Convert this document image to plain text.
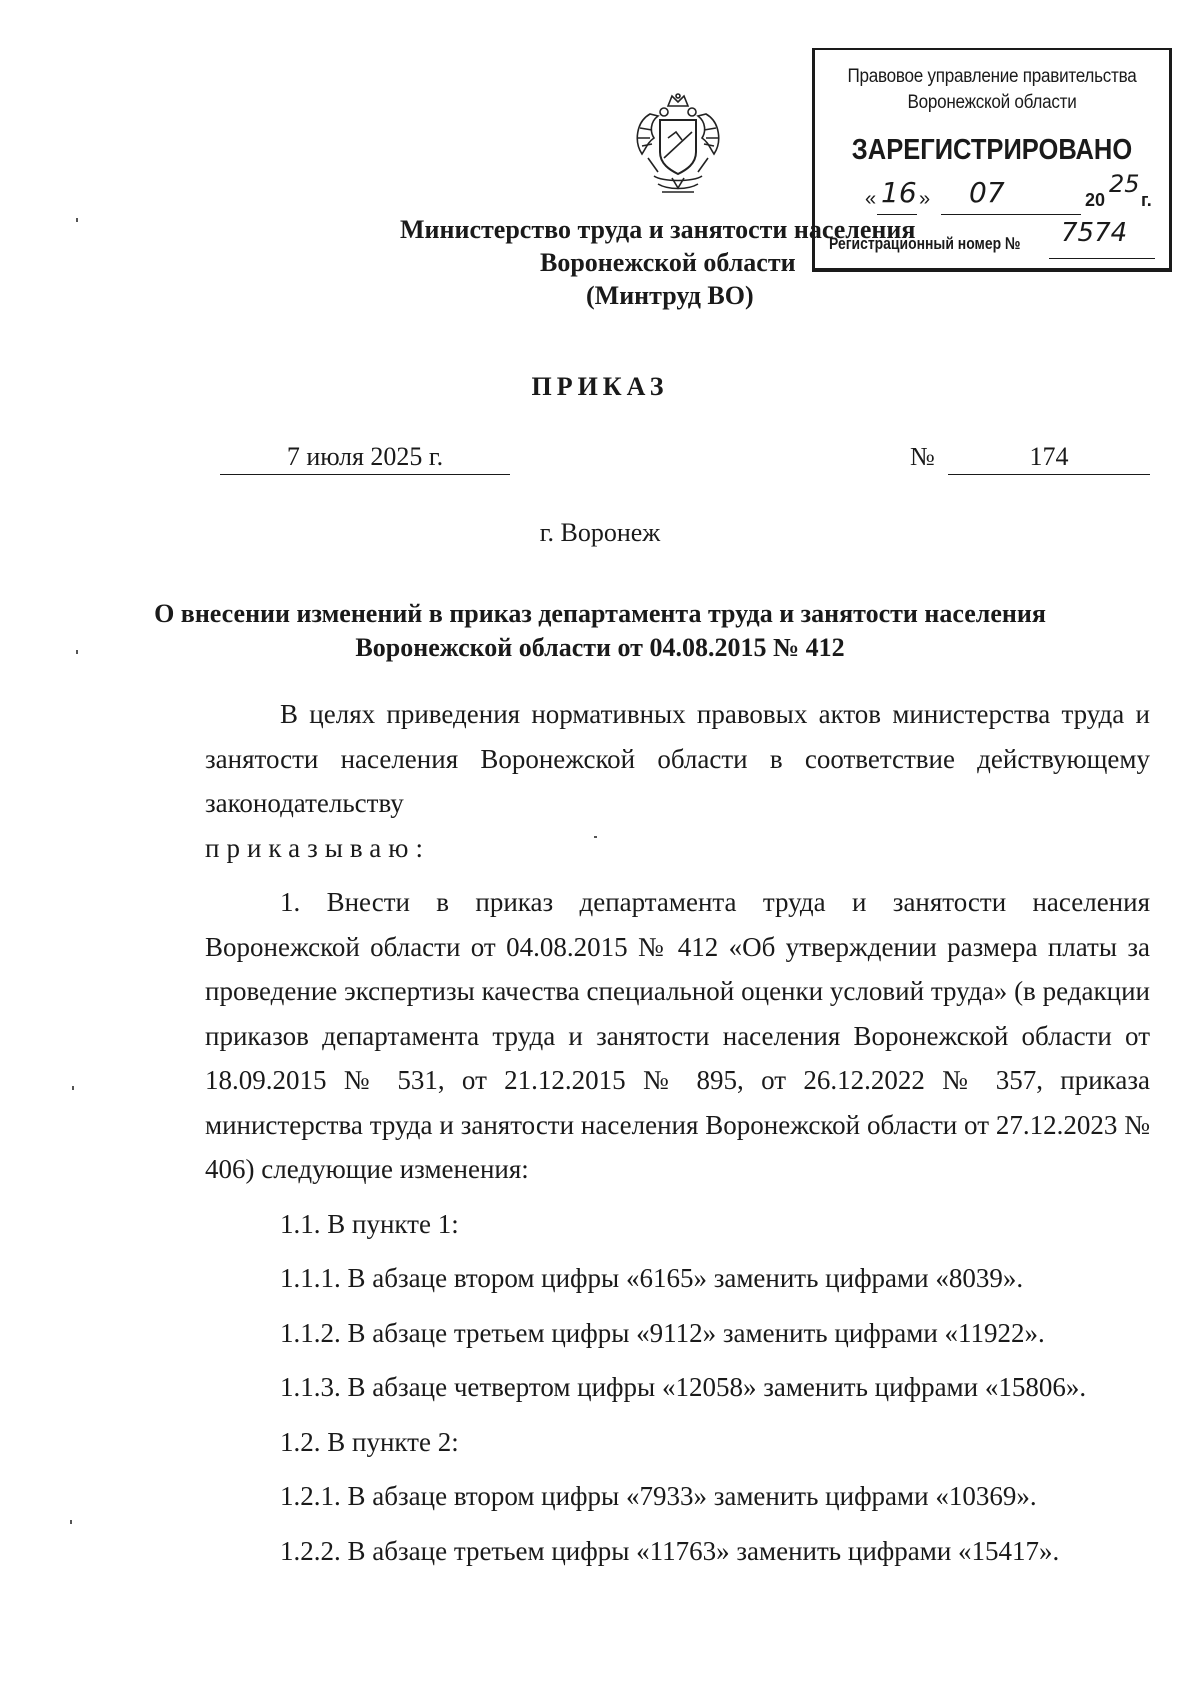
Правовое управление правительства
Воронежской области
ЗАРЕГИСТРИРОВАНО
« 16 » 07	20
25
г.
Регистрационный номер № 7574
Министерство труда и занятости населения
Воронежской области
(Минтруд ВО)
ПРИКАЗ
7 июля 2025 г.	№	174
г. Воронеж
О внесении изменений в приказ департамента труда и занятости населения Воронежской области от 04.08.2015 № 412

В целях приведения нормативных правовых актов министерства труда и занятости населения Воронежской области в соответствие действующему законодательству

приказываю:

1. Внести в приказ департамента труда и занятости населения Воронежской области от 04.08.2015 № 412 «Об утверждении размера платы за проведение экспертизы качества специальной оценки условий труда» (в редакции приказов департамента труда и занятости населения Воронежской области от 18.09.2015 № 531, от 21.12.2015 № 895, от 26.12.2022 № 357, приказа министерства труда и занятости населения Воронежской области от 27.12.2023 № 406) следующие изменения:

1.1. В пункте 1:

1.1.1. В абзаце втором цифры «6165» заменить цифрами «8039».

1.1.2. В абзаце третьем цифры «9112» заменить цифрами «11922».

1.1.3. В абзаце четвертом цифры «12058» заменить цифрами «15806».

1.2. В пункте 2:

1.2.1. В абзаце втором цифры «7933» заменить цифрами «10369».

1.2.2. В абзаце третьем цифры «11763» заменить цифрами «15417».
